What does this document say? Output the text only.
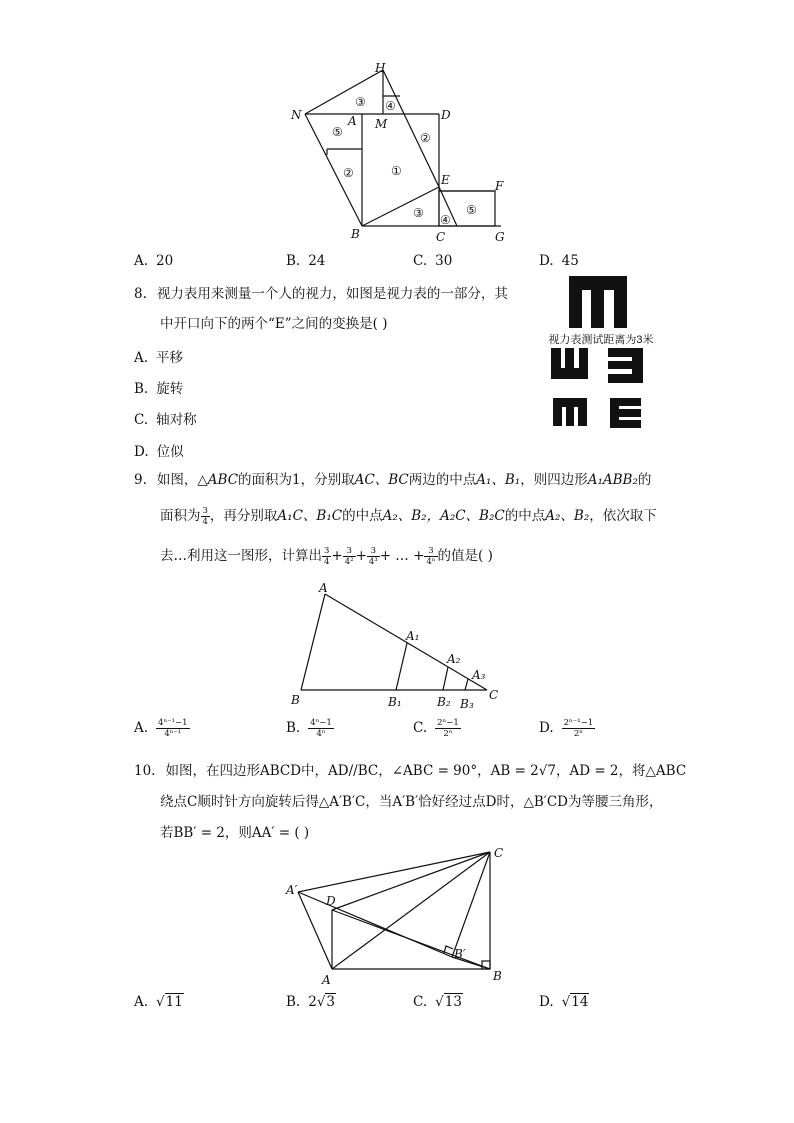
H
N	A M
D
E	F
B	C	G
①
②
②
③
③
④
④
⑤
⑤
A. 20	B. 24	C. 30	D. 45
8. 视力表用来测量一个人的视力，如图是视力表的一部分，其
中开口向下的两个“E”之间的变换是( )
A. 平移
B. 旋转
C. 轴对称
D. 位似
视力表测试距离为3米
9. 如图，△ABC的面积为1，分别取AC、BC两边的中点A₁、B₁，则四边形A₁ABB₂的
面积为 $\frac{3}{4}$ ，再分别取A₁C、B₁C的中点A₂、B₂，A₂C、B₂C的中点A₂、B₂，依次取下
去…利用这一图形，计算出 $\frac{3}{4} + \frac{3}{\text{4²}} + \frac{3}{\text{4³}}$ + … + $\frac{3}{\text{4ⁿ}}$ 的值是( )
A
A₁
A₂
A₃
B	B₁	B₂ B₃
C
A. $\frac{\text{4ⁿ⁻¹−1}}{\text{4ⁿ⁻¹}}$	B. $\frac{\text{4ⁿ−1}}{\text{4ⁿ}}$	C. $\frac{\text{2ⁿ−1}}{\text{2ⁿ}}$	D. $\frac{\text{2ⁿ⁻¹−1}}{\text{2ⁿ}}$
10. 如图，在四边形ABCD中，AD//BC，∠ABC = 90°，AB = 2√7，AD = 2，将△ABC
绕点C顺时针方向旋转后得△A′B′C，当A′B′恰好经过点D时，△B′CD为等腰三角形，
若BB′ = 2，则AA′ = ( )
A′
D
C
B′
A	B
A. √11	B. 2√3	C. √13	D. √14
